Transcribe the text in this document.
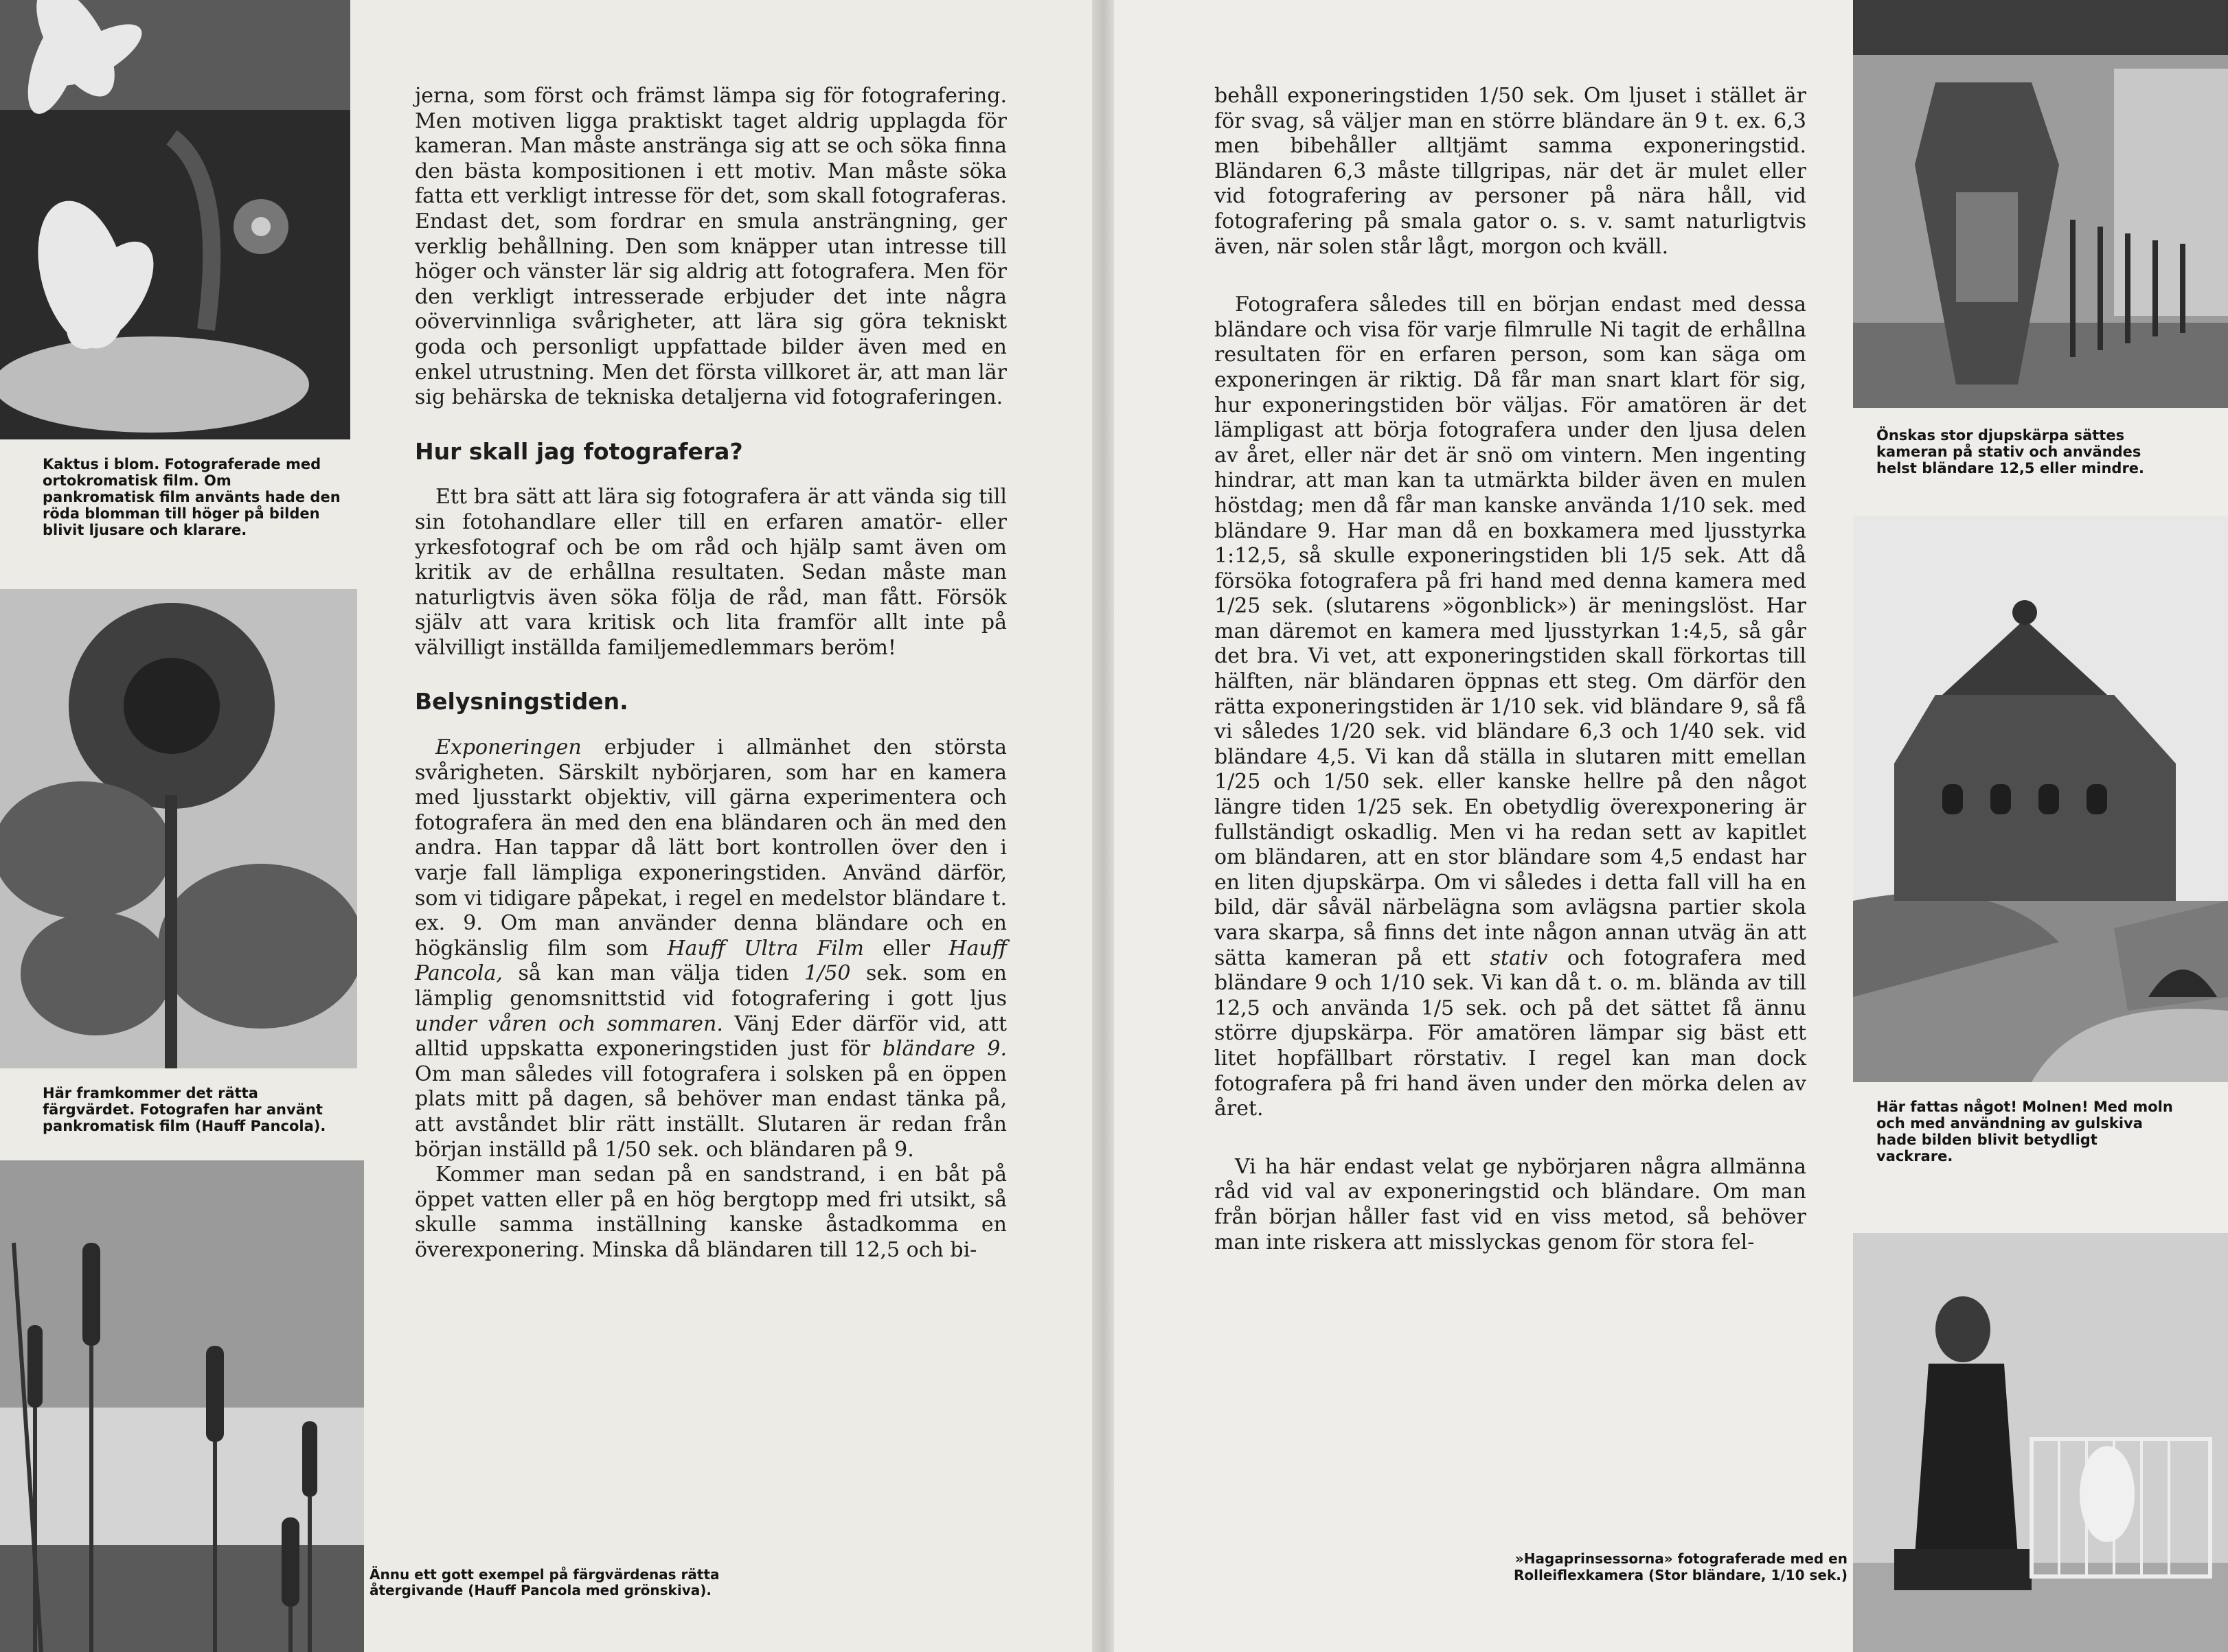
Kaktus i blom. Fotograferade med ortokromatisk film. Om pankromatisk film använts hade den röda blomman till höger på bilden blivit ljusare och klarare.
Här framkommer det rätta färgvärdet. Fotografen har använt pankromatisk film (Hauff Pancola).
Ännu ett gott exempel på färgvärdenas rätta återgivande (Hauff Pancola med grönskiva).

jerna, som först och främst lämpa sig för fotografering. Men motiven ligga praktiskt taget aldrig upplagda för kameran. Man måste anstränga sig att se och söka finna den bästa kompositionen i ett motiv. Man måste söka fatta ett verkligt intresse för det, som skall fotograferas. Endast det, som fordrar en smula ansträngning, ger verklig behållning. Den som knäpper utan intresse till höger och vänster lär sig aldrig att fotografera. Men för den verkligt intresserade erbjuder det inte några oövervinnliga svårigheter, att lära sig göra tekniskt goda och personligt uppfattade bilder även med en enkel utrustning. Men det första villkoret är, att man lär sig behärska de tekniska detaljerna vid fotograferingen.

Hur skall jag fotografera?

Ett bra sätt att lära sig fotografera är att vända sig till sin fotohandlare eller till en erfaren amatör- eller yrkesfotograf och be om råd och hjälp samt även om kritik av de erhållna resultaten. Sedan måste man naturligtvis även söka följa de råd, man fått. Försök själv att vara kritisk och lita framför allt inte på välvilligt inställda familjemedlemmars beröm!

Belysningstiden.

Exponeringen erbjuder i allmänhet den största svårigheten. Särskilt nybörjaren, som har en kamera med ljusstarkt objektiv, vill gärna experimentera och fotografera än med den ena bländaren och än med den andra. Han tappar då lätt bort kontrollen över den i varje fall lämpliga exponeringstiden. Använd därför, som vi tidigare påpekat, i regel en medelstor bländare t. ex. 9. Om man använder denna bländare och en högkänslig film som Hauff Ultra Film eller Hauff Pancola, så kan man välja tiden 1/50 sek. som en lämplig genomsnittstid vid fotografering i gott ljus under våren och sommaren. Vänj Eder därför vid, att alltid uppskatta exponeringstiden just för bländare 9. Om man således vill fotografera i solsken på en öppen plats mitt på dagen, så behöver man endast tänka på, att avståndet blir rätt inställt. Slutaren är redan från början inställd på 1/50 sek. och bländaren på 9.

Kommer man sedan på en sandstrand, i en båt på öppet vatten eller på en hög bergtopp med fri utsikt, så skulle samma inställning kanske åstadkomma en överexponering. Minska då bländaren till 12,5 och bi-

behåll exponeringstiden 1/50 sek. Om ljuset i stället är för svag, så väljer man en större bländare än 9 t. ex. 6,3 men bibehåller alltjämt samma exponeringstid. Bländaren 6,3 måste tillgripas, när det är mulet eller vid fotografering av personer på nära håll, vid fotografering på smala gator o. s. v. samt naturligtvis även, när solen står lågt, morgon och kväll.

Fotografera således till en början endast med dessa bländare och visa för varje filmrulle Ni tagit de erhållna resultaten för en erfaren person, som kan säga om exponeringen är riktig. Då får man snart klart för sig, hur exponeringstiden bör väljas. För amatören är det lämpligast att börja fotografera under den ljusa delen av året, eller när det är snö om vintern. Men ingenting hindrar, att man kan ta utmärkta bilder även en mulen höstdag; men då får man kanske använda 1/10 sek. med bländare 9. Har man då en boxkamera med ljusstyrka 1:12,5, så skulle exponeringstiden bli 1/5 sek. Att då försöka fotografera på fri hand med denna kamera med 1/25 sek. (slutarens »ögonblick») är meningslöst. Har man däremot en kamera med ljusstyrkan 1:4,5, så går det bra. Vi vet, att exponeringstiden skall förkortas till hälften, när bländaren öppnas ett steg. Om därför den rätta exponeringstiden är 1/10 sek. vid bländare 9, så få vi således 1/20 sek. vid bländare 6,3 och 1/40 sek. vid bländare 4,5. Vi kan då ställa in slutaren mitt emellan 1/25 och 1/50 sek. eller kanske hellre på den något längre tiden 1/25 sek. En obetydlig överexponering är fullständigt oskadlig. Men vi ha redan sett av kapitlet om bländaren, att en stor bländare som 4,5 endast har en liten djupskärpa. Om vi således i detta fall vill ha en bild, där såväl närbelägna som avlägsna partier skola vara skarpa, så finns det inte någon annan utväg än att sätta kameran på ett stativ och fotografera med bländare 9 och 1/10 sek. Vi kan då t. o. m. blända av till 12,5 och använda 1/5 sek. och på det sättet få ännu större djupskärpa. För amatören lämpar sig bäst ett litet hopfällbart rörstativ. I regel kan man dock fotografera på fri hand även under den mörka delen av året.

Vi ha här endast velat ge nybörjaren några allmänna råd vid val av exponeringstid och bländare. Om man från början håller fast vid en viss metod, så behöver man inte riskera att misslyckas genom för stora fel-

Önskas stor djupskärpa sättes kameran på stativ och användes helst bländare 12,5 eller mindre.
Här fattas något! Molnen! Med moln och med användning av gulskiva hade bilden blivit betydligt vackrare.
»Hagaprinsessorna» fotograferade med en Rolleiflexkamera (Stor bländare, 1/10 sek.)
